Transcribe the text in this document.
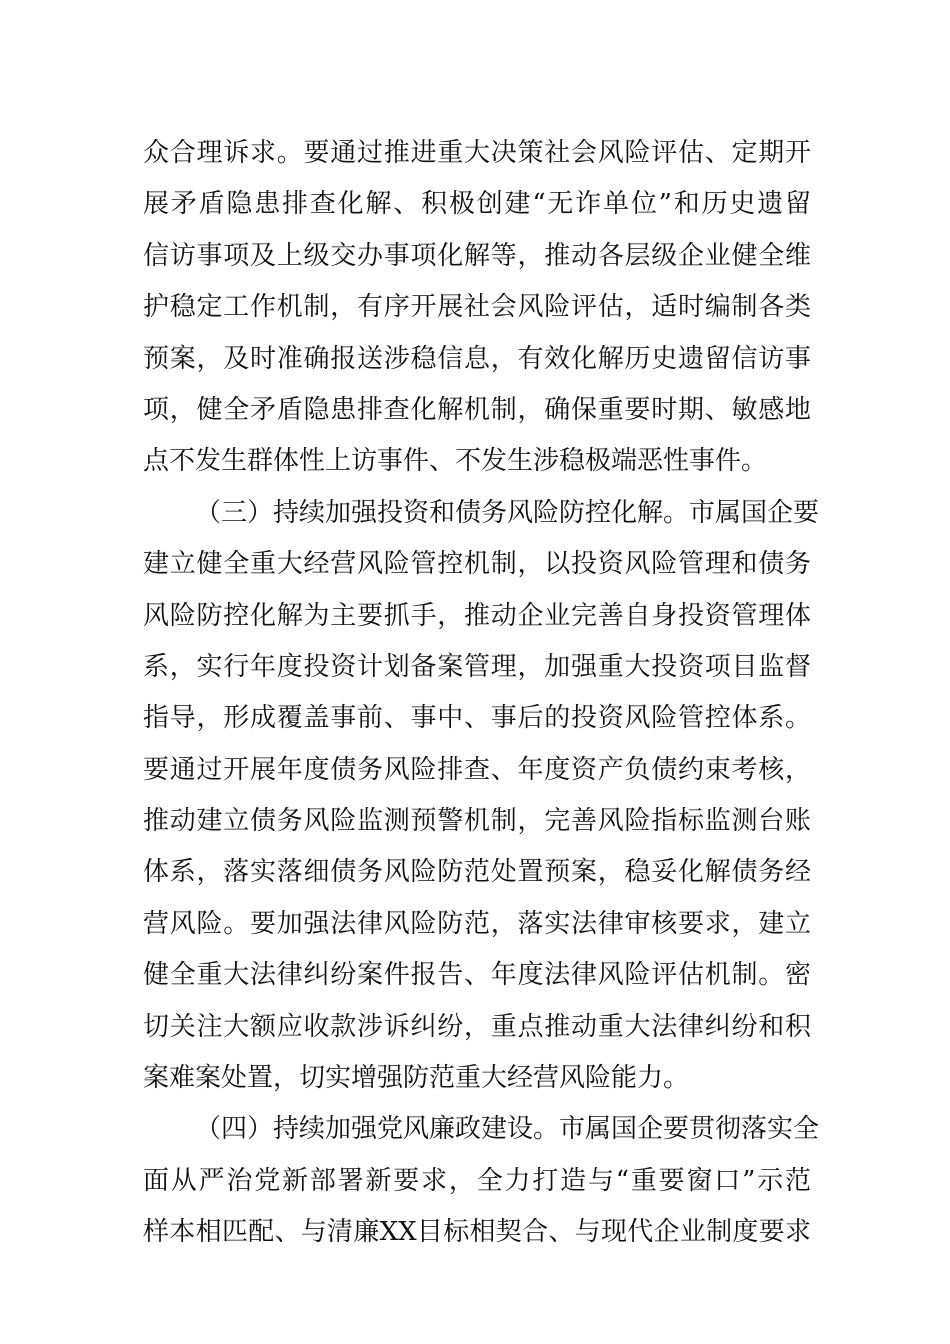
众合理诉求。要通过推进重大决策社会风险评估、定期开
展矛盾隐患排查化解、积极创建“无诈单位”和历史遗留
信访事项及上级交办事项化解等，推动各层级企业健全维
护稳定工作机制，有序开展社会风险评估，适时编制各类
预案，及时准确报送涉稳信息，有效化解历史遗留信访事
项，健全矛盾隐患排查化解机制，确保重要时期、敏感地
点不发生群体性上访事件、不发生涉稳极端恶性事件。
（三）持续加强投资和债务风险防控化解。市属国企要
建立健全重大经营风险管控机制，以投资风险管理和债务
风险防控化解为主要抓手，推动企业完善自身投资管理体
系，实行年度投资计划备案管理，加强重大投资项目监督
指导，形成覆盖事前、事中、事后的投资风险管控体系。
要通过开展年度债务风险排查、年度资产负债约束考核，
推动建立债务风险监测预警机制，完善风险指标监测台账
体系，落实落细债务风险防范处置预案，稳妥化解债务经
营风险。要加强法律风险防范，落实法律审核要求，建立
健全重大法律纠纷案件报告、年度法律风险评估机制。密
切关注大额应收款涉诉纠纷，重点推动重大法律纠纷和积
案难案处置，切实增强防范重大经营风险能力。
（四）持续加强党风廉政建设。市属国企要贯彻落实全
面从严治党新部署新要求，全力打造与“重要窗口”示范
样本相匹配、与清廉XX目标相契合、与现代企业制度要求
